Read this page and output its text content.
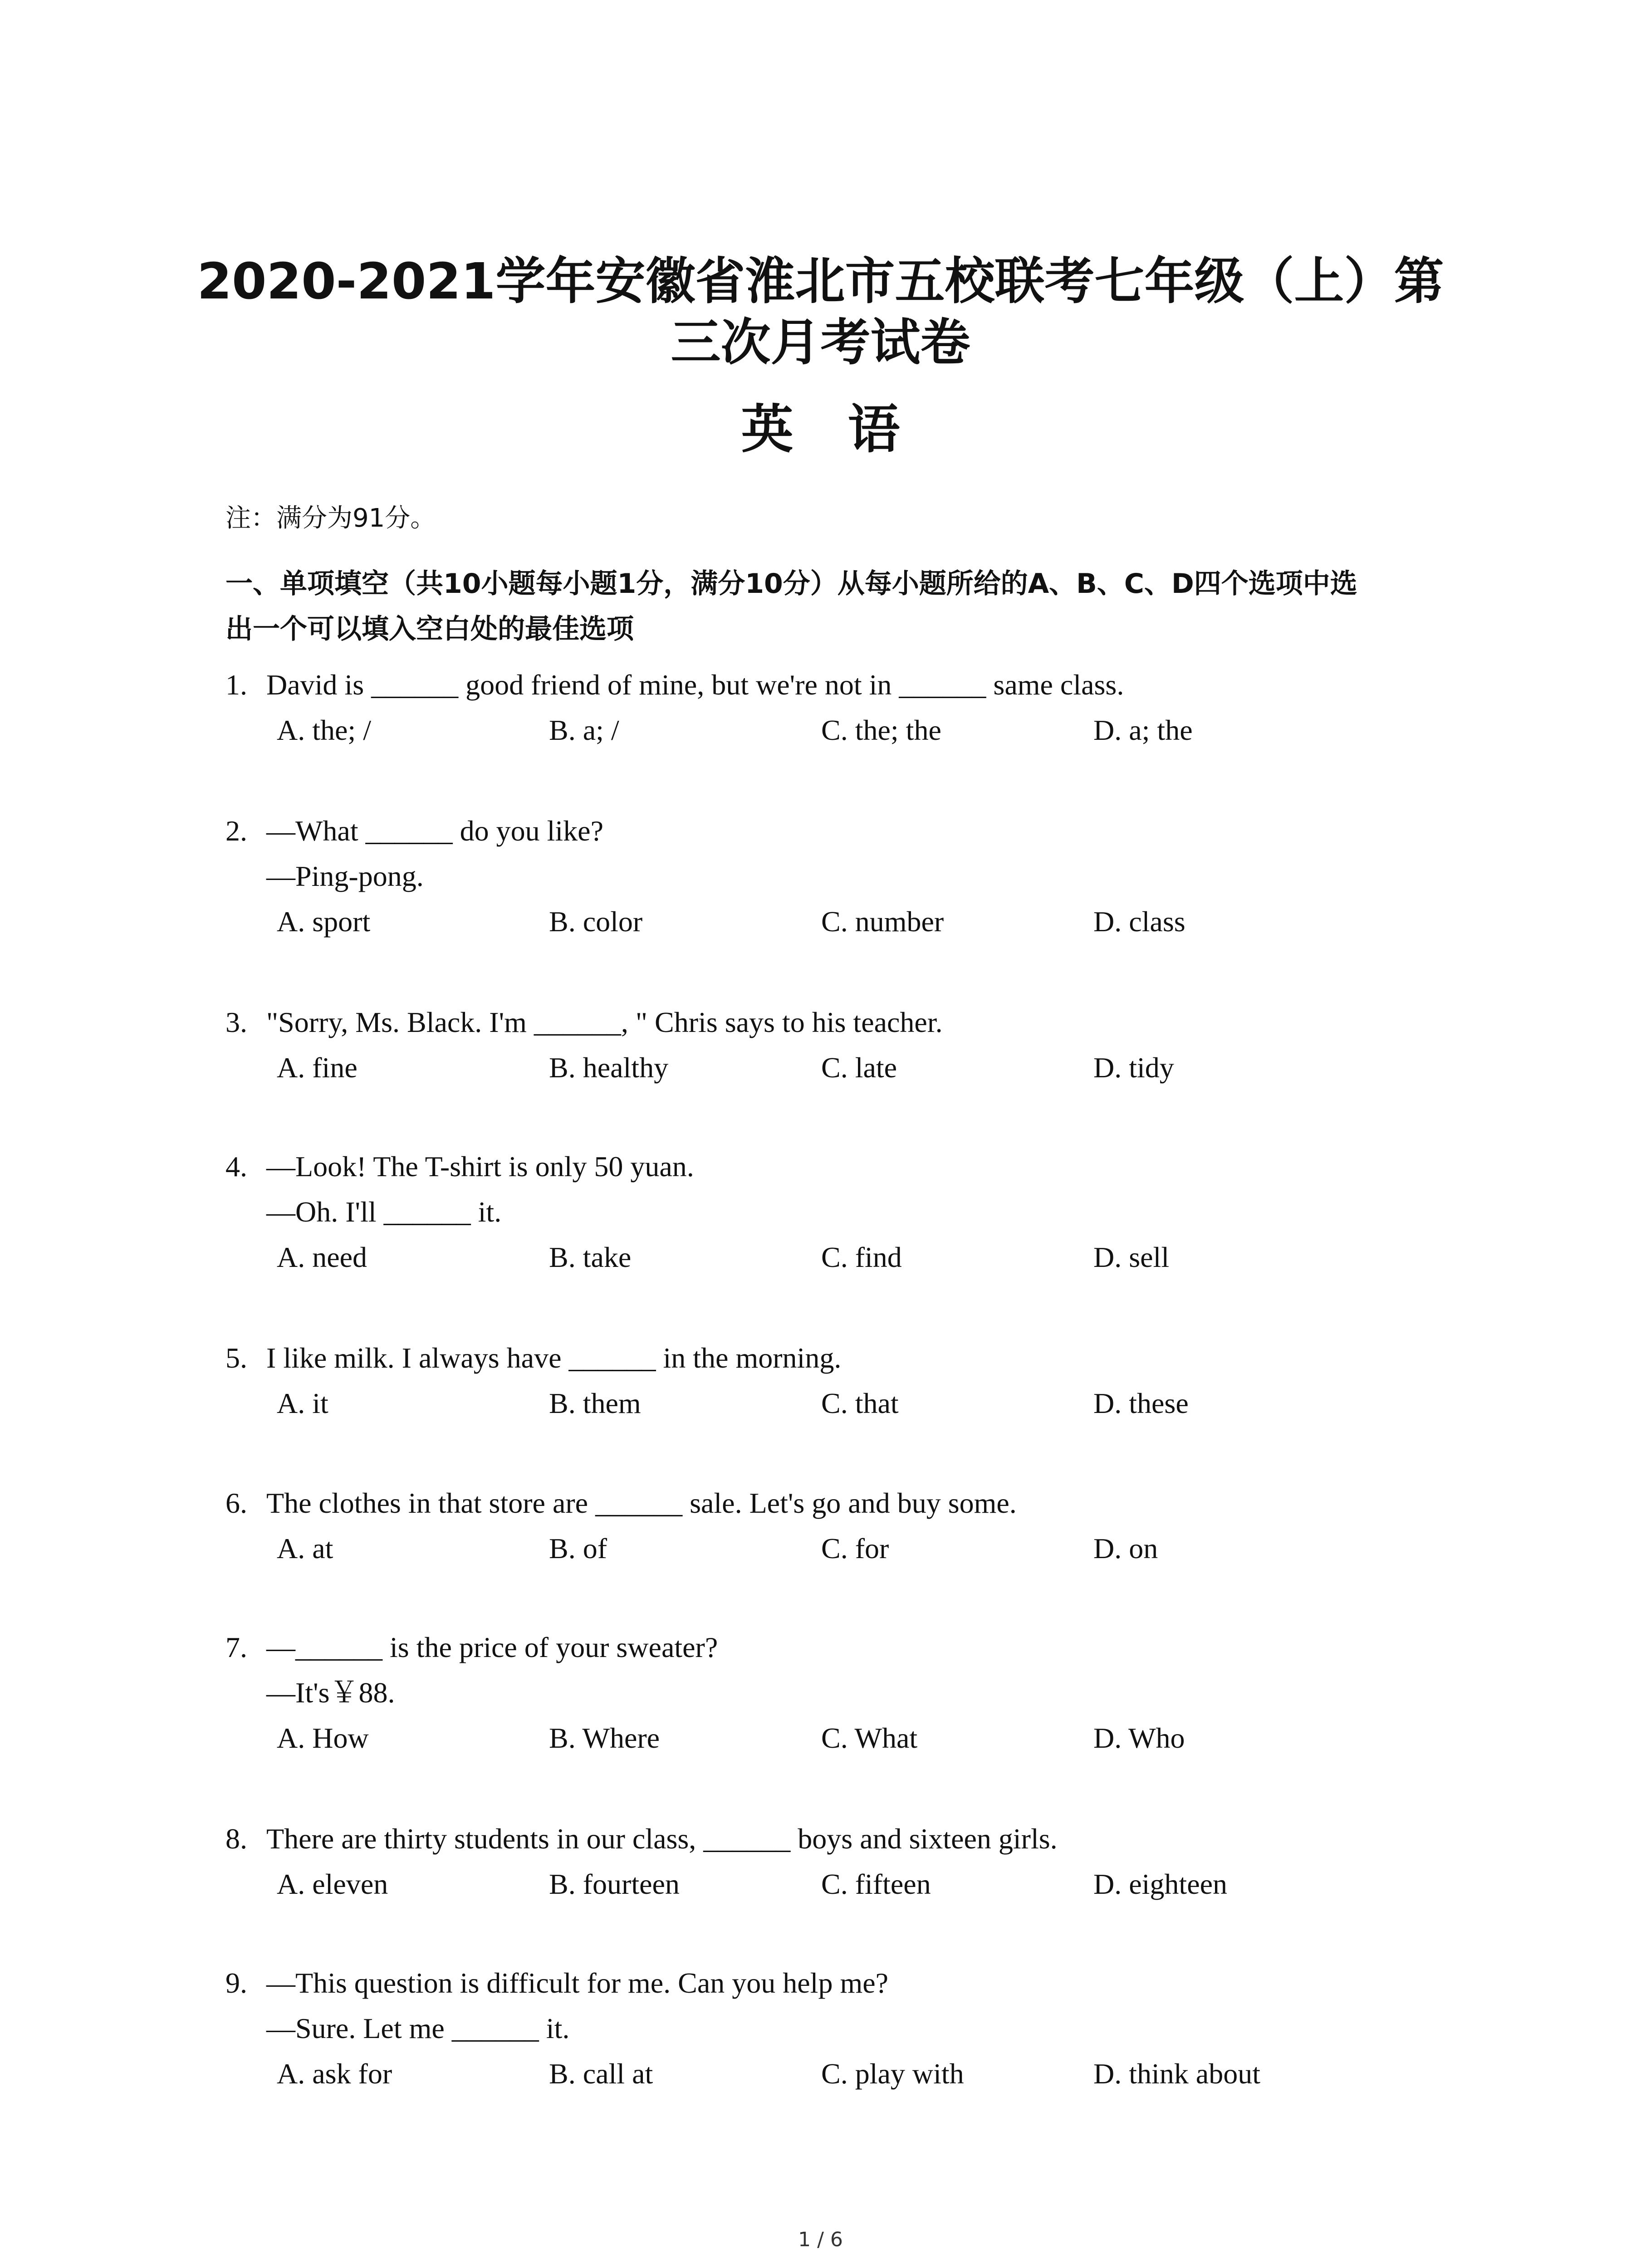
2020-2021学年安徽省淮北市五校联考七年级（上）第
三次月考试卷
英语
注：满分为91分。
一、单项填空（共10小题每小题1分，满分10分）从每小题所给的A、B、C、D四个选项中选
出一个可以填入空白处的最佳选项
1. David is ______ good friend of mine, but we're not in ______ same class.
A. the; /	B. a; /	C. the; the	D. a; the
2. —What ______ do you like?
—Ping-pong.
A. sport	B. color	C. number	D. class
3. "Sorry, Ms. Black. I'm ______, " Chris says to his teacher.
A. fine	B. healthy	C. late	D. tidy
4. —Look! The T-shirt is only 50 yuan.
—Oh. I'll ______ it.
A. need	B. take	C. find	D. sell
5. I like milk. I always have ______ in the morning.
A. it	B. them	C. that	D. these
6. The clothes in that store are ______ sale. Let's go and buy some.
A. at	B. of	C. for	D. on
7. —______ is the price of your sweater?
—It's￥88.
A. How	B. Where	C. What	D. Who
8. There are thirty students in our class, ______ boys and sixteen girls.
A. eleven	B. fourteen	C. fifteen	D. eighteen
9. —This question is difficult for me. Can you help me?
—Sure. Let me ______ it.
A. ask for	B. call at	C. play with	D. think about
1 / 6
